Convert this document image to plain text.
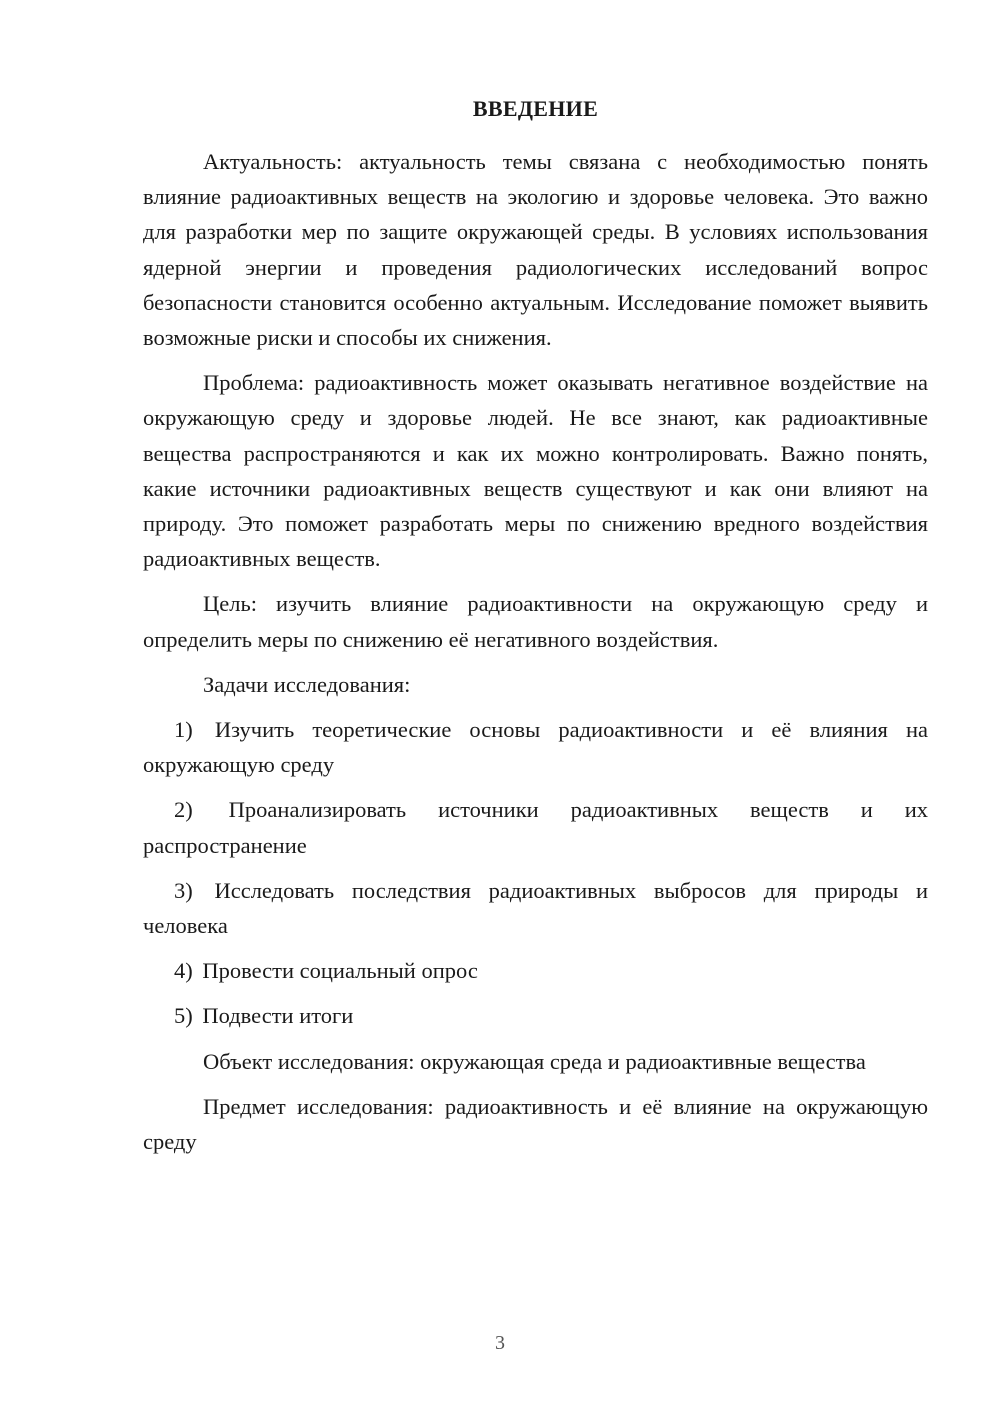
ВВЕДЕНИЕ

Актуальность: актуальность темы связана с необходимостью понять влияние радиоактивных веществ на экологию и здоровье человека. Это важно для разработки мер по защите окружающей среды. В условиях использования ядерной энергии и проведения радиологических исследований вопрос безопасности становится особенно актуальным. Исследование поможет выявить возможные риски и способы их снижения.

Проблема: радиоактивность может оказывать негативное воздействие на окружающую среду и здоровье людей. Не все знают, как радиоактивные вещества распространяются и как их можно контролировать. Важно понять, какие источники радиоактивных веществ существуют и как они влияют на природу. Это поможет разработать меры по снижению вредного воздействия радиоактивных веществ.

Цель: изучить влияние радиоактивности на окружающую среду и определить меры по снижению её негативного воздействия.

Задачи исследования:

1) Изучить теоретические основы радиоактивности и её влияния на окружающую среду

2) Проанализировать источники радиоактивных веществ и их распространение

3) Исследовать последствия радиоактивных выбросов для природы и человека

4) Провести социальный опрос

5) Подвести итоги

Объект исследования: окружающая среда и радиоактивные вещества

Предмет исследования: радиоактивность и её влияние на окружающую среду

3
